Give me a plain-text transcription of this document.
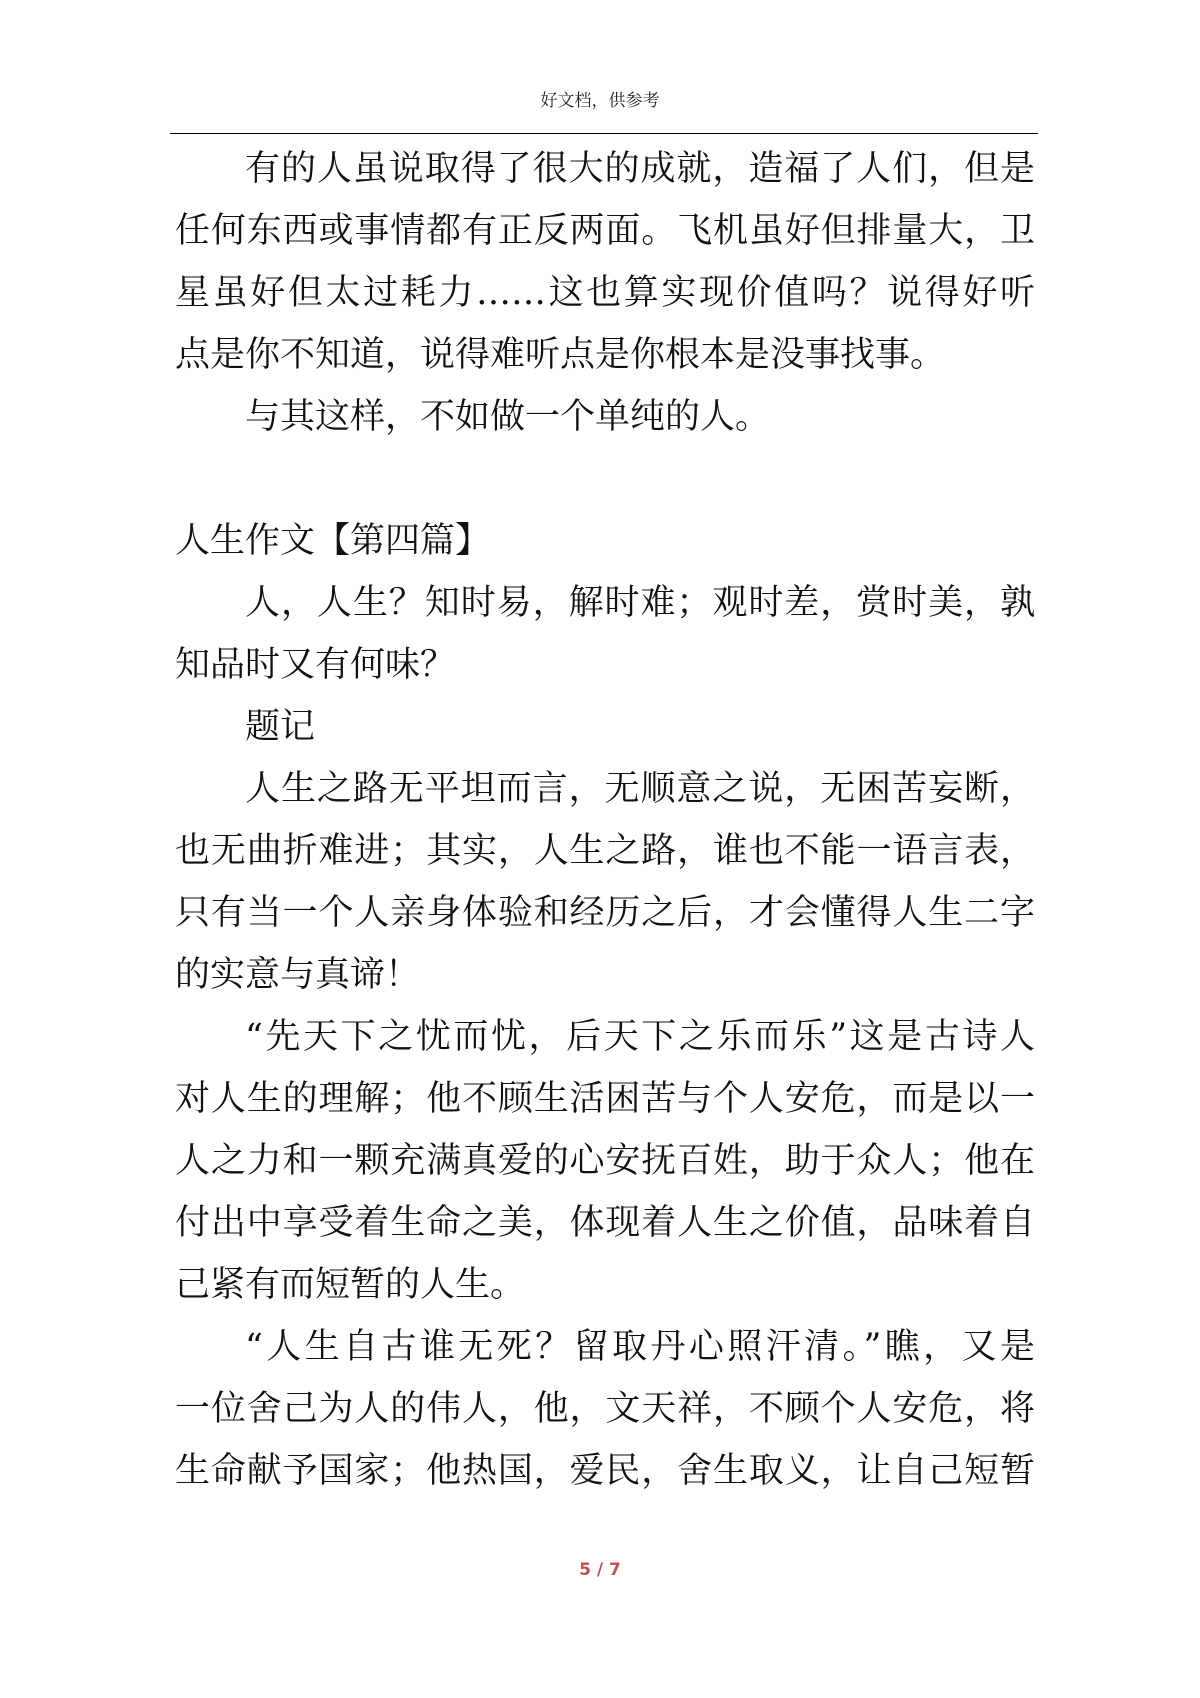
好文档，供参考
有的人虽说取得了很大的成就，造福了人们，但是
任何东西或事情都有正反两面。飞机虽好但排量大，卫
星虽好但太过耗力……这也算实现价值吗？说得好听
点是你不知道，说得难听点是你根本是没事找事。
与其这样，不如做一个单纯的人。
人生作文【第四篇】
人，人生？知时易，解时难；观时差，赏时美，孰
知品时又有何味？
题记
人生之路无平坦而言，无顺意之说，无困苦妄断，
也无曲折难进；其实，人生之路，谁也不能一语言表，
只有当一个人亲身体验和经历之后，才会懂得人生二字
的实意与真谛！
“先天下之忧而忧，后天下之乐而乐”这是古诗人
对人生的理解；他不顾生活困苦与个人安危，而是以一
人之力和一颗充满真爱的心安抚百姓，助于众人；他在
付出中享受着生命之美，体现着人生之价值，品味着自
己紧有而短暂的人生。
“人生自古谁无死？留取丹心照汗清。”瞧，又是
一位舍己为人的伟人，他，文天祥，不顾个人安危，将
生命献予国家；他热国，爱民，舍生取义，让自己短暂
5 / 7
